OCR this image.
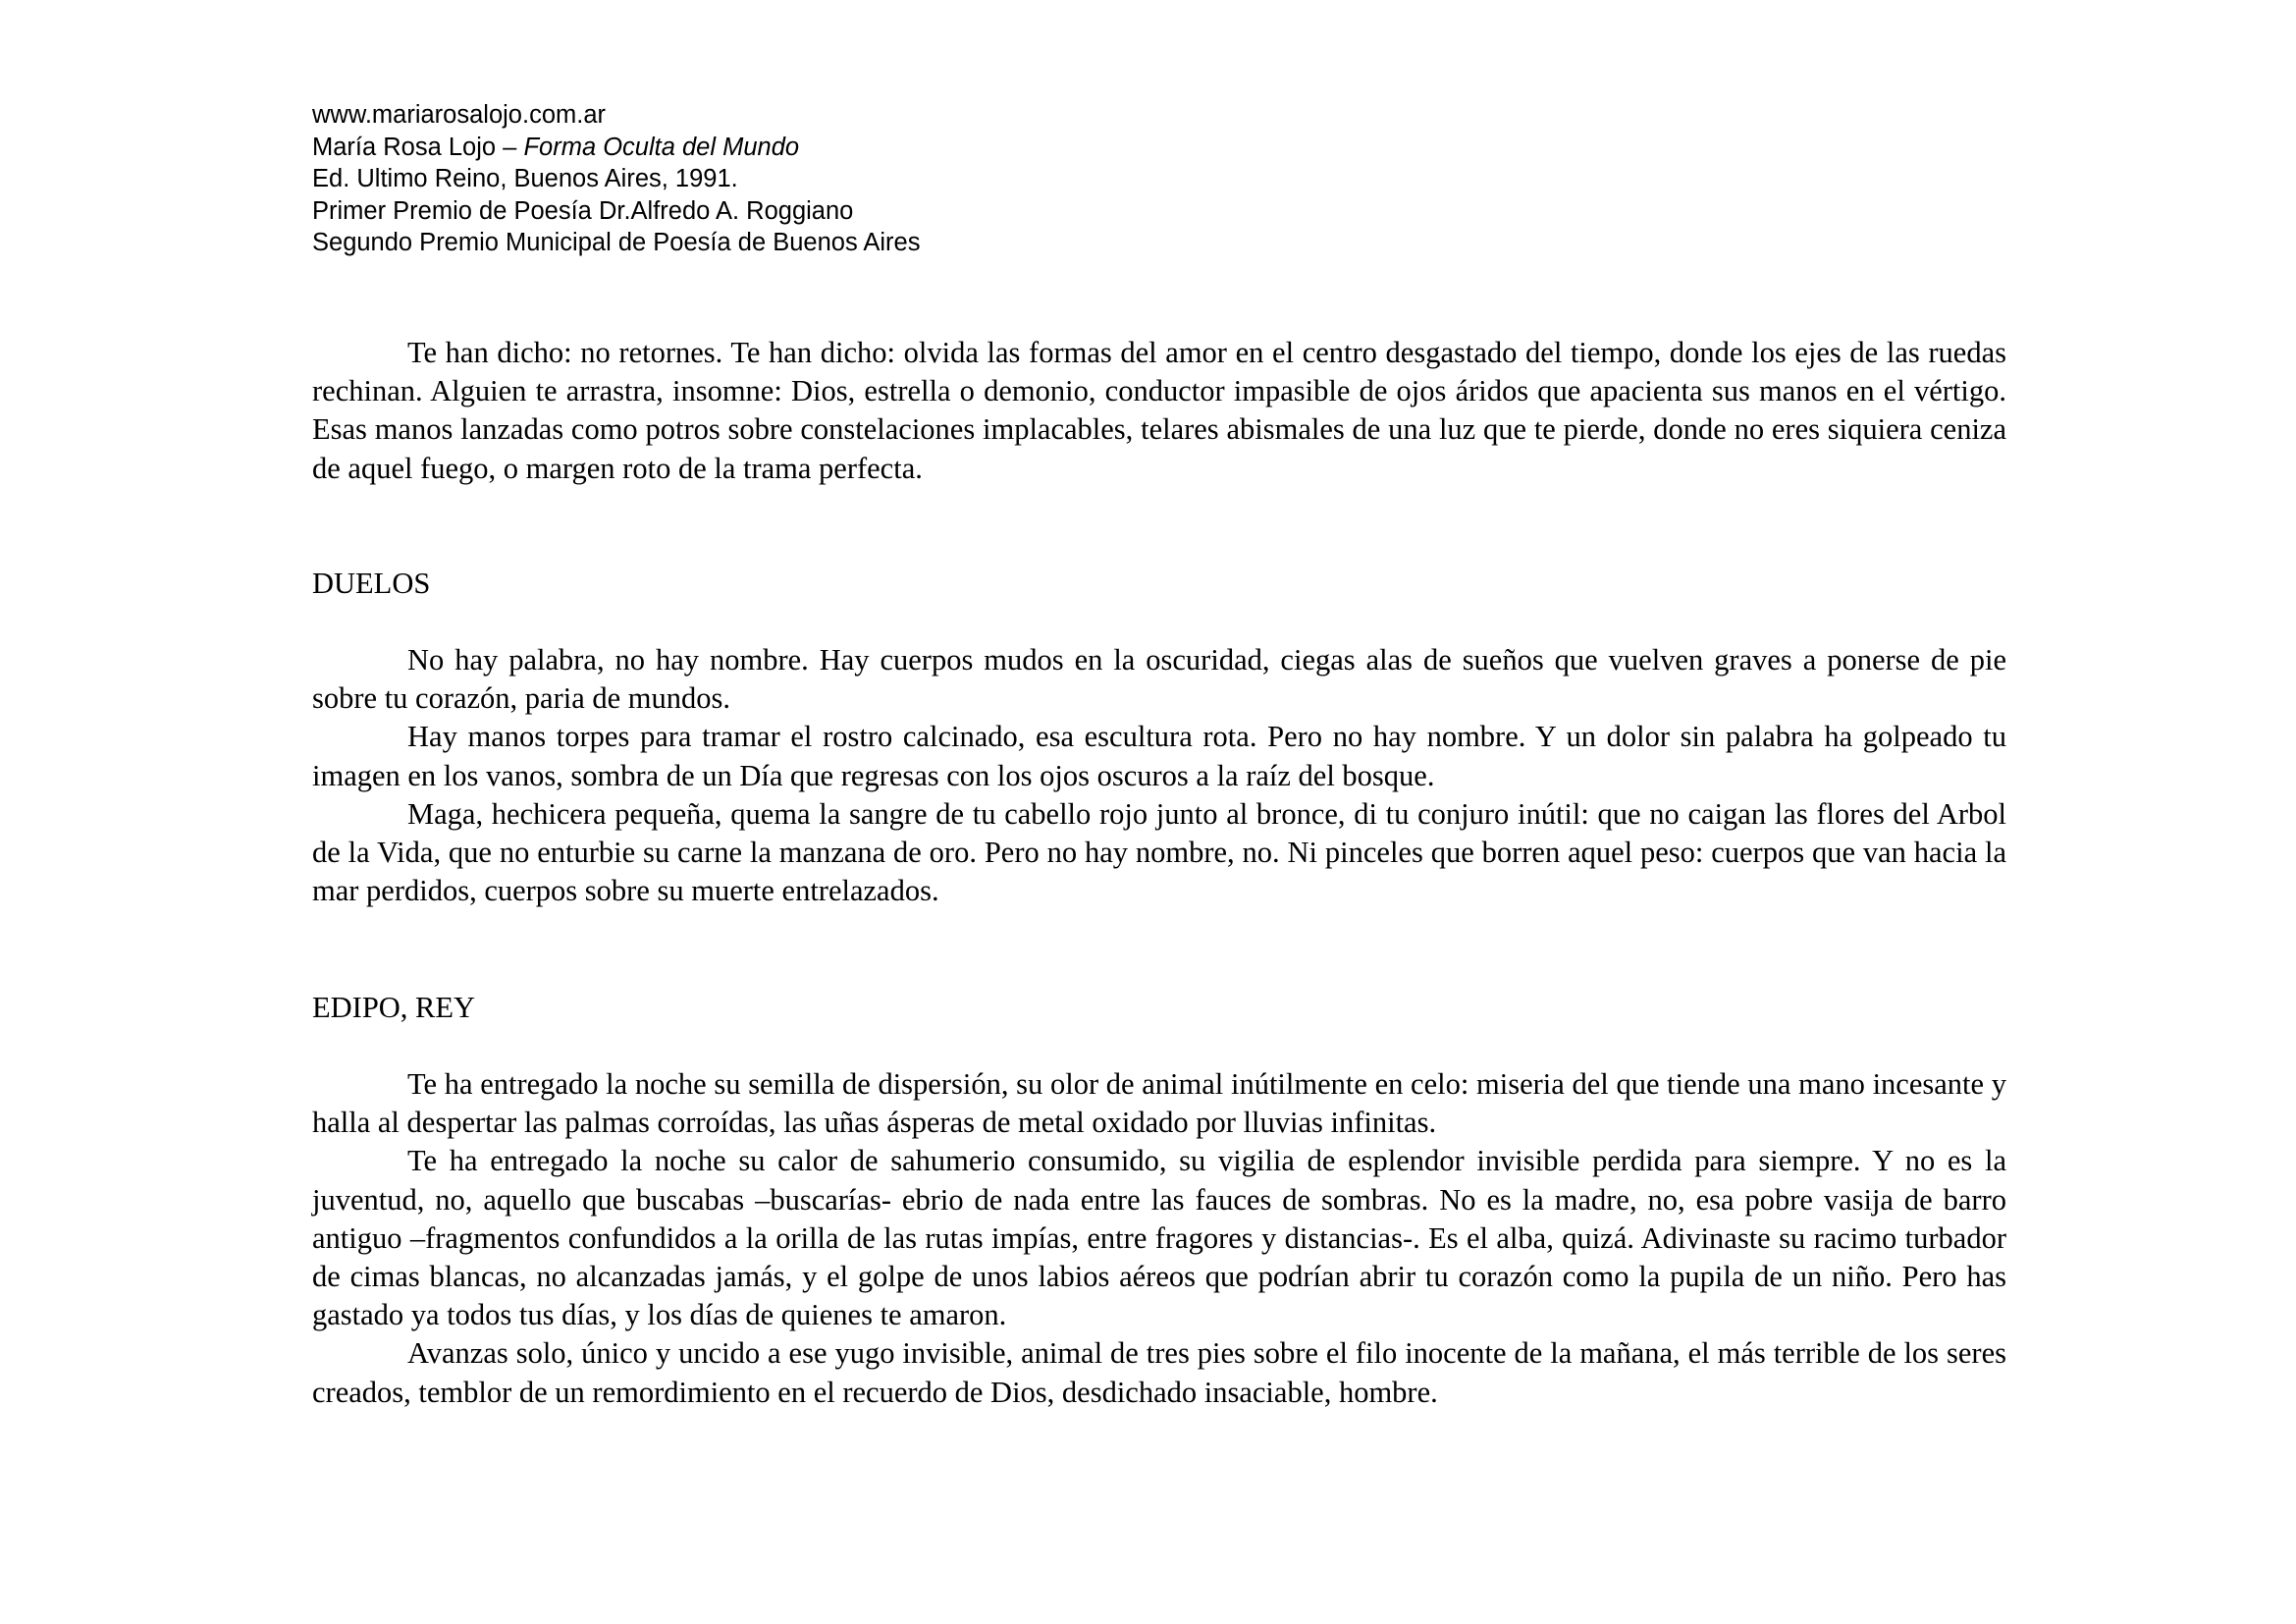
www.mariarosalojo.com.ar
María Rosa Lojo – Forma Oculta del Mundo
Ed. Ultimo Reino, Buenos Aires, 1991.
Primer Premio de Poesía Dr.Alfredo A. Roggiano
Segundo Premio Municipal de Poesía de Buenos Aires

Te han dicho: no retornes. Te han dicho: olvida las formas del amor en el centro desgastado del tiempo, donde los ejes de las ruedas rechinan. Alguien te arrastra, insomne: Dios, estrella o demonio, conductor impasible de ojos áridos que apacienta sus manos en el vértigo. Esas manos lanzadas como potros sobre constelaciones implacables, telares abismales de una luz que te pierde, donde no eres siquiera ceniza de aquel fuego, o margen roto de la trama perfecta.

DUELOS

No hay palabra, no hay nombre. Hay cuerpos mudos en la oscuridad, ciegas alas de sueños que vuelven graves a ponerse de pie sobre tu corazón, paria de mundos.

Hay manos torpes para tramar el rostro calcinado, esa escultura rota. Pero no hay nombre. Y un dolor sin palabra ha golpeado tu imagen en los vanos, sombra de un Día que regresas con los ojos oscuros a la raíz del bosque.

Maga, hechicera pequeña, quema la sangre de tu cabello rojo junto al bronce, di tu conjuro inútil: que no caigan las flores del Arbol de la Vida, que no enturbie su carne la manzana de oro. Pero no hay nombre, no. Ni pinceles que borren aquel peso: cuerpos que van hacia la mar perdidos, cuerpos sobre su muerte entrelazados.

EDIPO, REY

Te ha entregado la noche su semilla de dispersión, su olor de animal inútilmente en celo: miseria del que tiende una mano incesante y halla al despertar las palmas corroídas, las uñas ásperas de metal oxidado por lluvias infinitas.

Te ha entregado la noche su calor de sahumerio consumido, su vigilia de esplendor invisible perdida para siempre. Y no es la juventud, no, aquello que buscabas –buscarías- ebrio de nada entre las fauces de sombras. No es la madre, no, esa pobre vasija de barro antiguo –fragmentos confundidos a la orilla de las rutas impías, entre fragores y distancias-. Es el alba, quizá. Adivinaste su racimo turbador de cimas blancas, no alcanzadas jamás, y el golpe de unos labios aéreos que podrían abrir tu corazón como la pupila de un niño. Pero has gastado ya todos tus días, y los días de quienes te amaron.

Avanzas solo, único y uncido a ese yugo invisible, animal de tres pies sobre el filo inocente de la mañana, el más terrible de los seres creados, temblor de un remordimiento en el recuerdo de Dios, desdichado insaciable, hombre.
